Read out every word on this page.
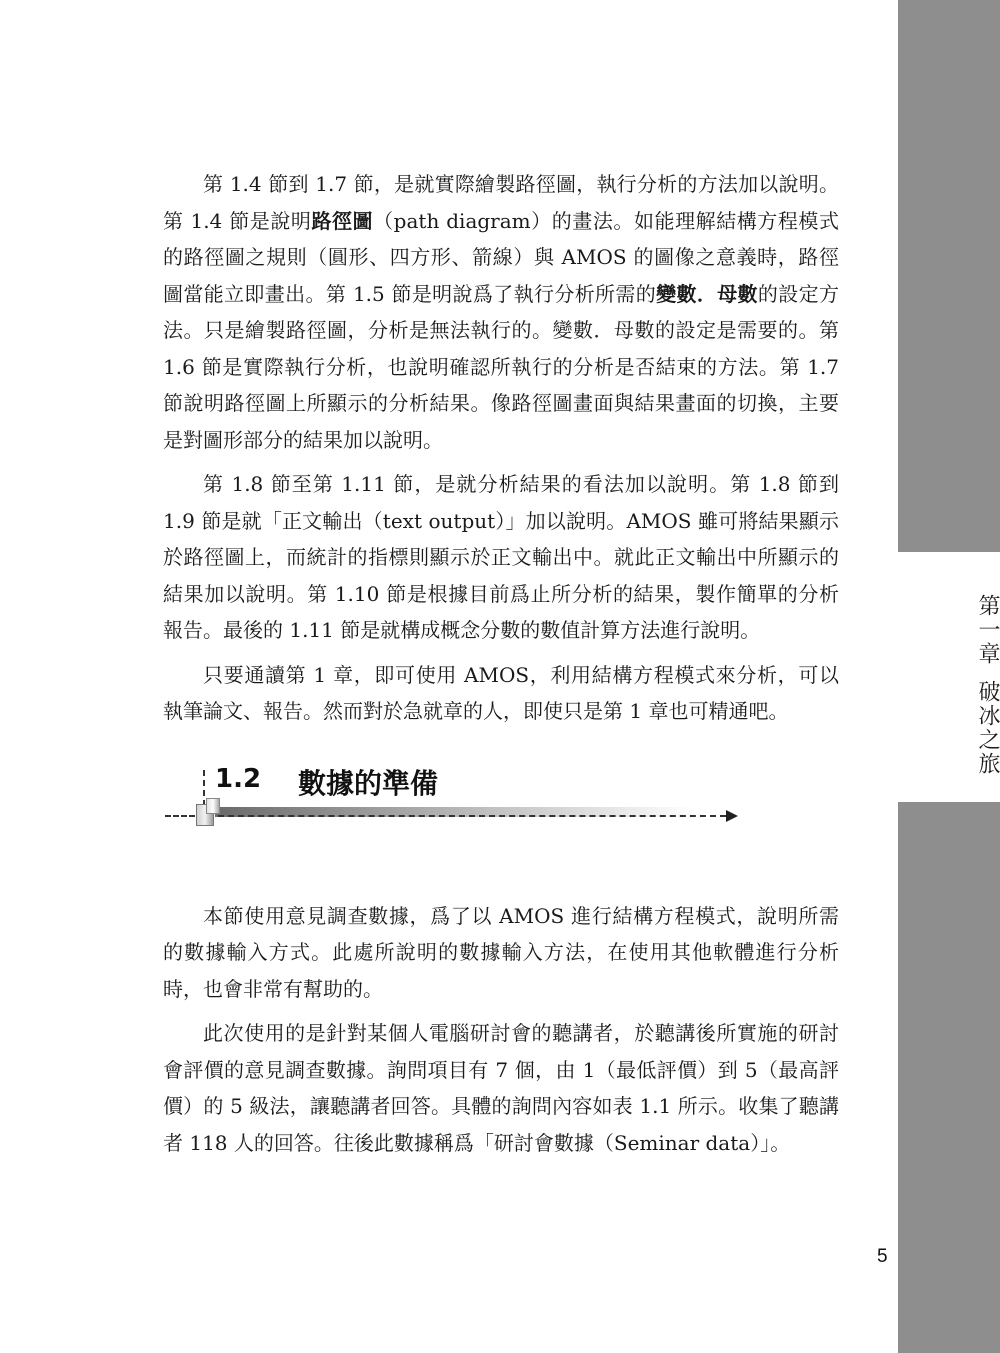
第一章破冰之旅

第 1.4 節到 1.7 節，是就實際繪製路徑圖，執行分析的方法加以說明。第 1.4 節是說明路徑圖（path diagram）的畫法。如能理解結構方程模式的路徑圖之規則（圓形、四方形、箭線）與 AMOS 的圖像之意義時，路徑圖當能立即畫出。第 1.5 節是明說爲了執行分析所需的變數．母數的設定方法。只是繪製路徑圖，分析是無法執行的。變數．母數的設定是需要的。第 1.6 節是實際執行分析，也說明確認所執行的分析是否結束的方法。第 1.7 節說明路徑圖上所顯示的分析結果。像路徑圖畫面與結果畫面的切換，主要是對圖形部分的結果加以說明。

第 1.8 節至第 1.11 節，是就分析結果的看法加以說明。第 1.8 節到 1.9 節是就「正文輸出（text output）」加以說明。AMOS 雖可將結果顯示於路徑圖上，而統計的指標則顯示於正文輸出中。就此正文輸出中所顯示的結果加以說明。第 1.10 節是根據目前爲止所分析的結果，製作簡單的分析報告。最後的 1.11 節是就構成概念分數的數值計算方法進行說明。

只要通讀第 1 章，即可使用 AMOS，利用結構方程模式來分析，可以執筆論文、報告。然而對於急就章的人，即使只是第 1 章也可精通吧。

1.2 數據的準備

本節使用意見調查數據，爲了以 AMOS 進行結構方程模式，說明所需的數據輸入方式。此處所說明的數據輸入方法，在使用其他軟體進行分析時，也會非常有幫助的。

此次使用的是針對某個人電腦研討會的聽講者，於聽講後所實施的研討會評價的意見調查數據。詢問項目有 7 個，由 1（最低評價）到 5（最高評價）的 5 級法，讓聽講者回答。具體的詢問內容如表 1.1 所示。收集了聽講者 118 人的回答。往後此數據稱爲「研討會數據（Seminar data）」。

5
